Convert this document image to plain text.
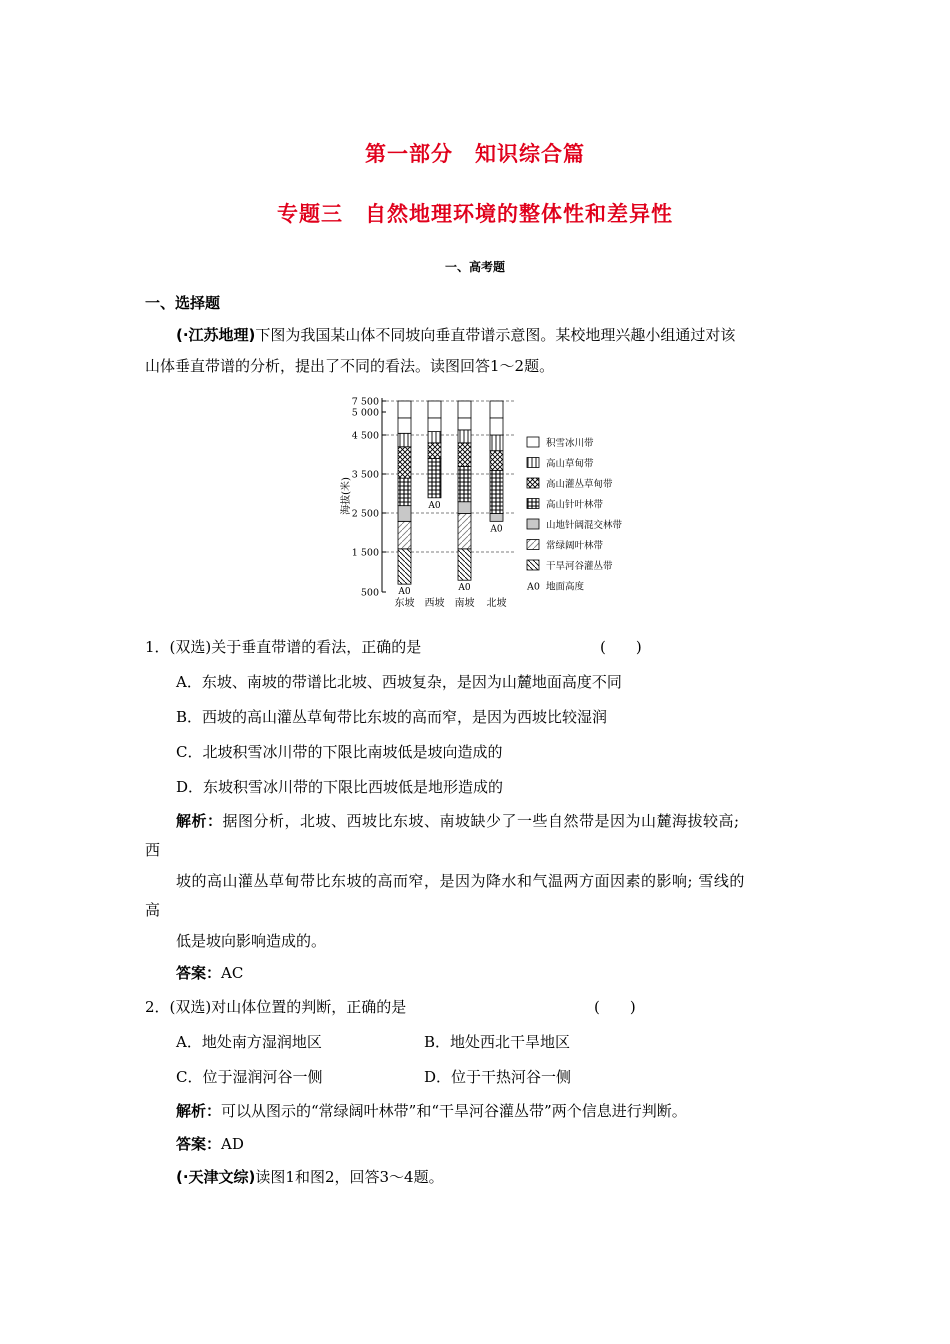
第一部分　知识综合篇
专题三　自然地理环境的整体性和差异性
一、高考题
一、选择题
(·江苏地理)下图为我国某山体不同坡向垂直带谱示意图。某校地理兴趣小组通过对该
山体垂直带谱的分析，提出了不同的看法。读图回答1～2题。
7 500
5 000
4 500
3 500
2 500
1 500
500
海拔(米)
A0
东坡
A0
西坡
A0
南坡
A0
北坡
积雪冰川带
高山草甸带
高山灌丛草甸带
高山针叶林带
山地针阔混交林带
常绿阔叶林带
干旱河谷灌丛带
A0 地面高度
1．(双选)关于垂直带谱的看法，正确的是	(　　)
A．东坡、南坡的带谱比北坡、西坡复杂，是因为山麓地面高度不同
B．西坡的高山灌丛草甸带比东坡的高而窄，是因为西坡比较湿润
C．北坡积雪冰川带的下限比南坡低是坡向造成的
D．东坡积雪冰川带的下限比西坡低是地形造成的
解析：据图分析，北坡、西坡比东坡、南坡缺少了一些自然带是因为山麓海拔较高;
西
坡的高山灌丛草甸带比东坡的高而窄，是因为降水和气温两方面因素的影响; 雪线的
高
低是坡向影响造成的。
答案：AC
2．(双选)对山体位置的判断，正确的是	(　　)
A．地处南方湿润地区	B．地处西北干旱地区
C．位于湿润河谷一侧	D．位于干热河谷一侧
解析：可以从图示的“常绿阔叶林带”和“干旱河谷灌丛带”两个信息进行判断。
答案：AD
(·天津文综)读图1和图2，回答3～4题。
